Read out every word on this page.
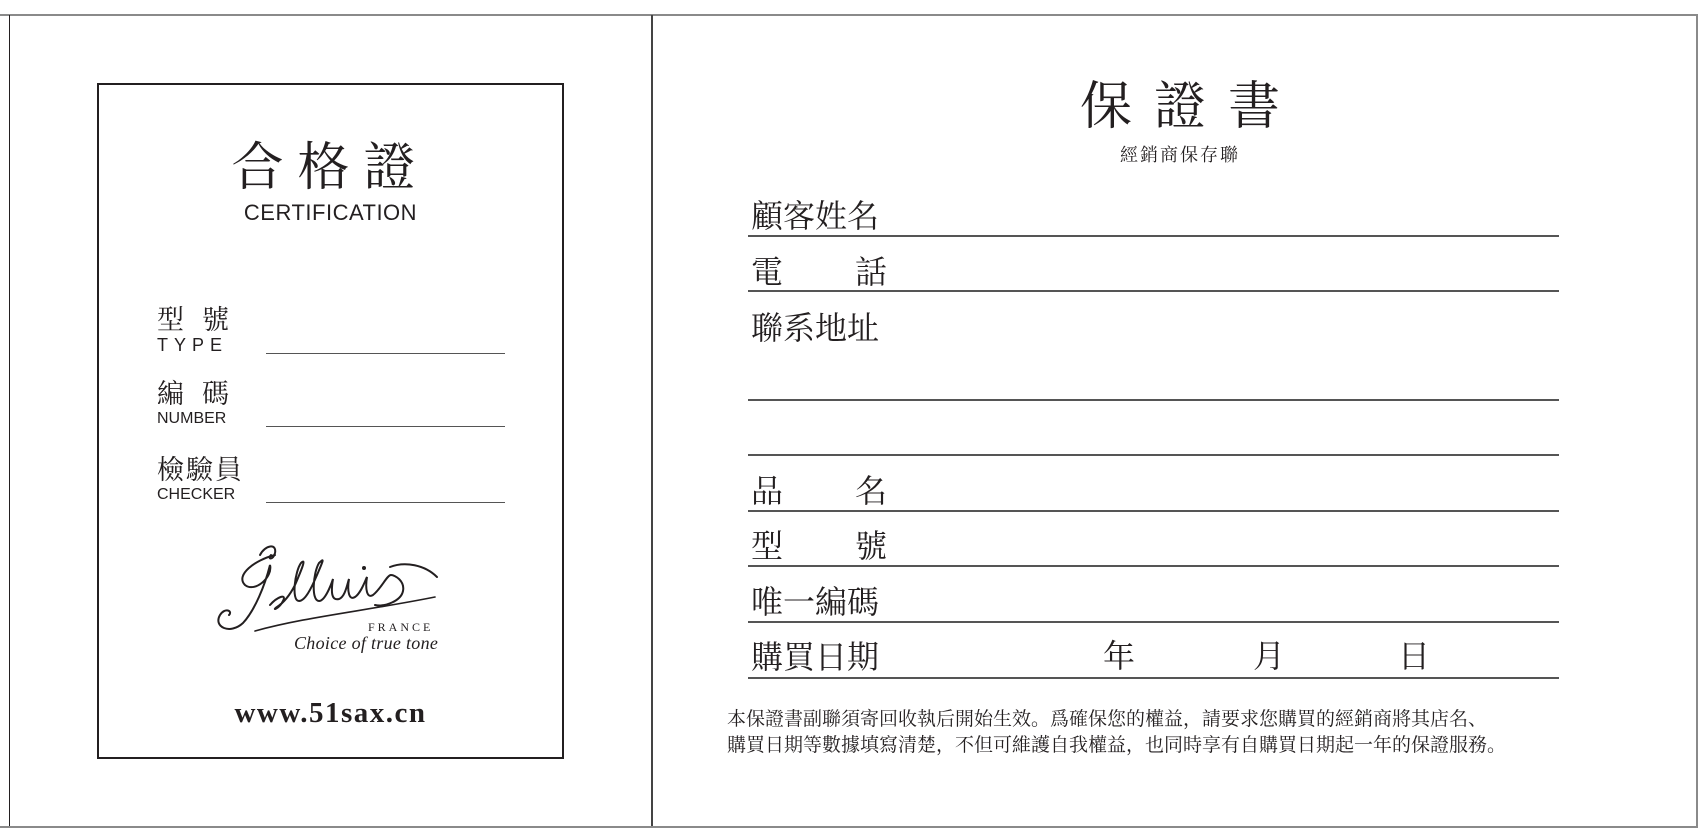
合格證
CERTIFICATION
型號
TYPE
編碼
NUMBER
檢驗員
CHECKER
FRANCE
Choice of true tone
www.51sax.cn
保證書
經銷商保存聯
顧客姓名
電 話
聯系地址
品 名
型 號
唯一編碼
購買日期	年	月	日
本保證書副聯須寄回收執后開始生效。爲確保您的權益，請要求您購買的經銷商將其店名、
購買日期等數據填寫清楚，不但可維護自我權益，也同時享有自購買日期起一年的保證服務。
